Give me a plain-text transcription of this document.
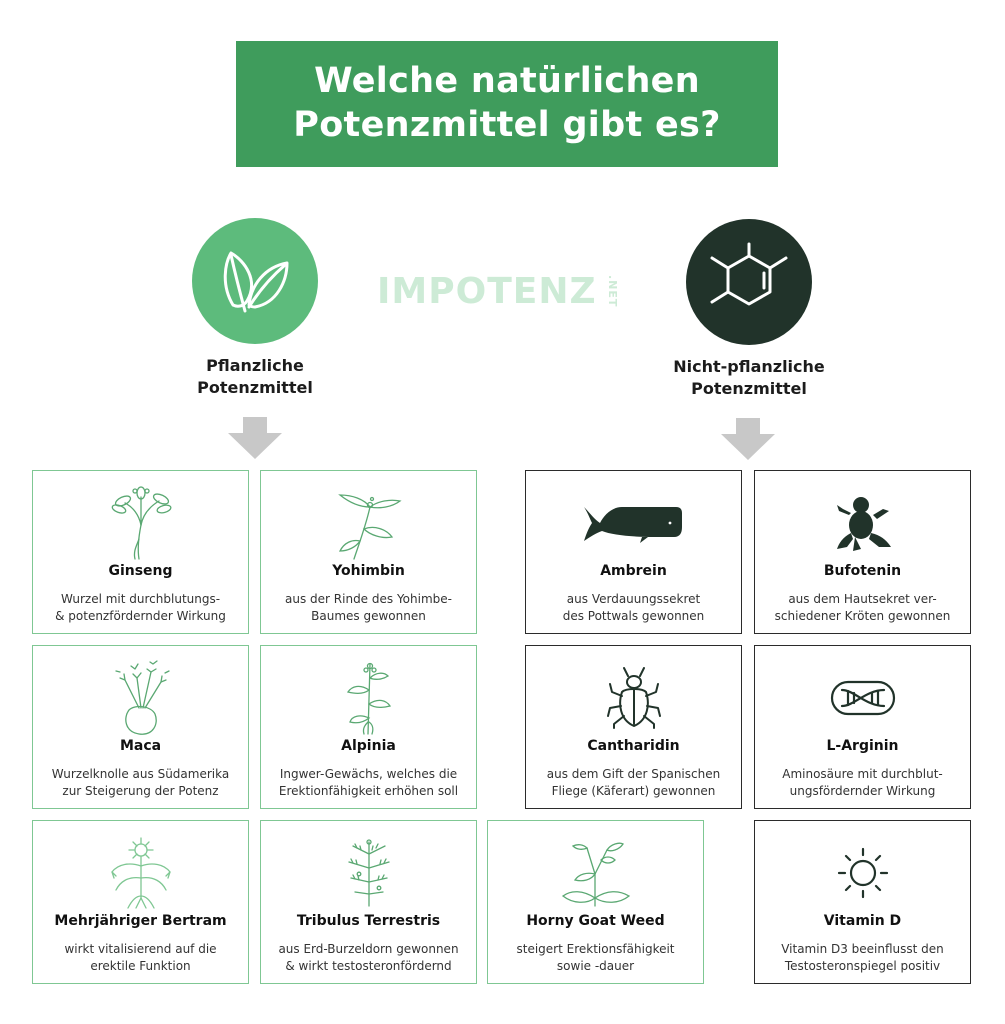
Welche natürlichen
Potenzmittel gibt es?
Pflanzliche
Potenzmittel
IMPOTENZ .NET
Nicht-pflanzliche
Potenzmittel
Ginseng
Wurzel mit durchblutungs-
& potenzfördernder Wirkung
Yohimbin
aus der Rinde des Yohimbe-
Baumes gewonnen
Ambrein
aus Verdauungssekret
des Pottwals gewonnen
Bufotenin
aus dem Hautsekret ver-
schiedener Kröten gewonnen
Maca
Wurzelknolle aus Südamerika
zur Steigerung der Potenz
Alpinia
Ingwer-Gewächs, welches die
Erektionfähigkeit erhöhen soll
Cantharidin
aus dem Gift der Spanischen
Fliege (Käferart) gewonnen
L-Arginin
Aminosäure mit durchblut-
ungsfördernder Wirkung
Mehrjähriger Bertram
wirkt vitalisierend auf die
erektile Funktion
Tribulus Terrestris
aus Erd-Burzeldorn gewonnen
& wirkt testosteronfördernd
Horny Goat Weed
steigert Erektionsfähigkeit
sowie -dauer
Vitamin D
Vitamin D3 beeinflusst den
Testosteronspiegel positiv
